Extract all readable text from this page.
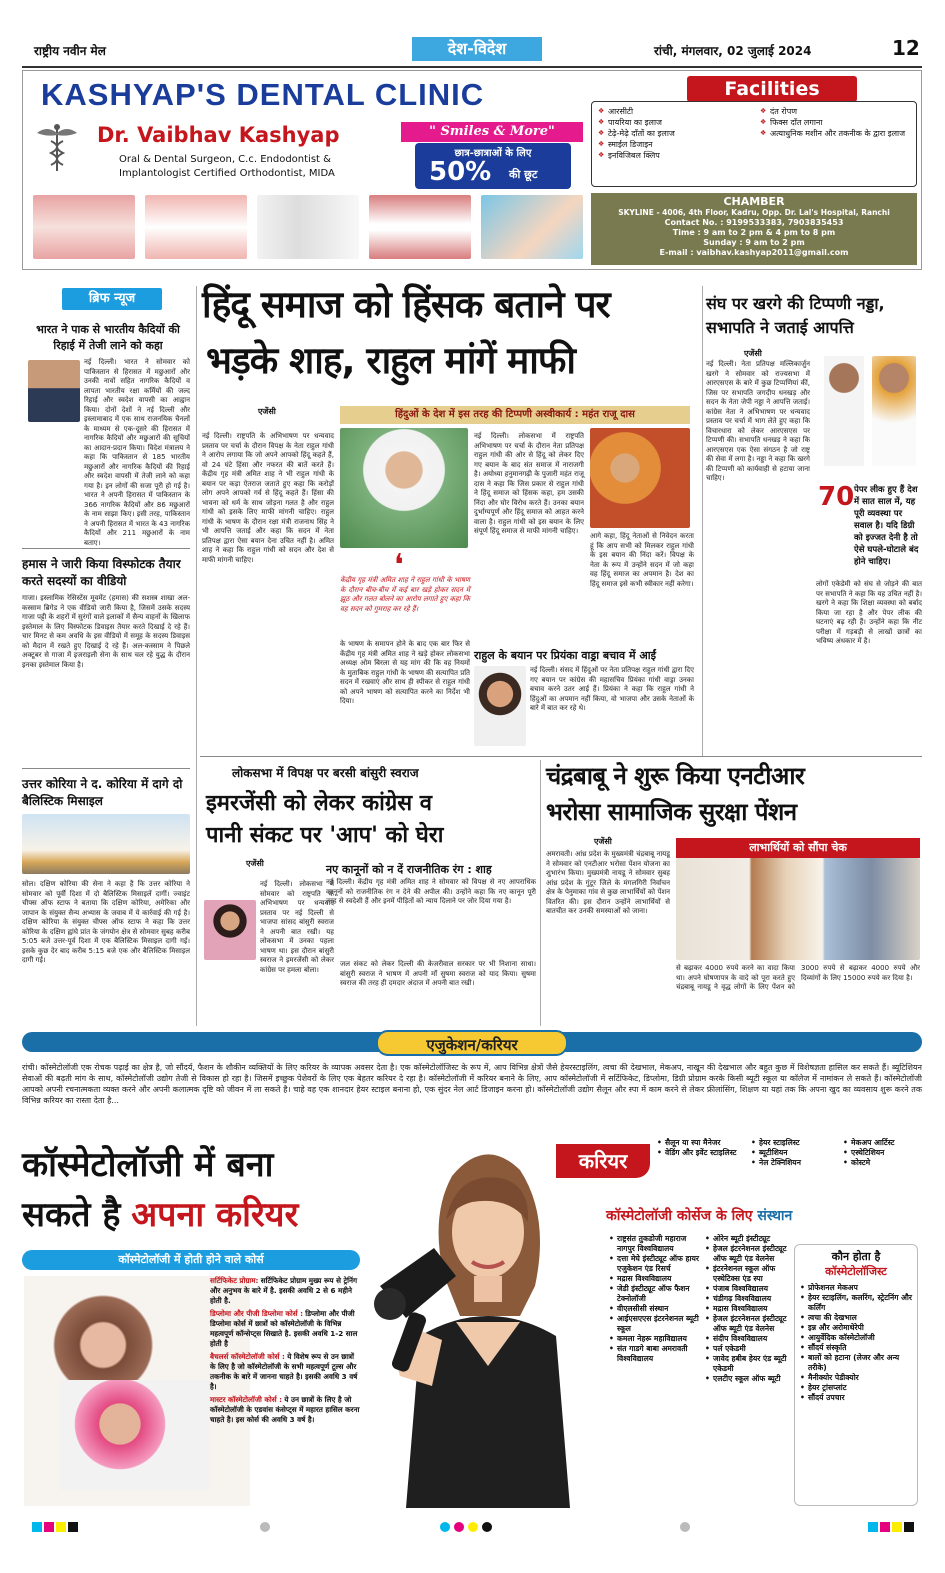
राष्ट्रीय नवीन मेल	देश-विदेश	रांची, मंगलवार, 02 जुलाई 2024	12
KASHYAP'S DENTAL CLINIC
Dr. Vaibhav Kashyap	" Smiles & More"
Oral & Dental Surgeon, C.c. Endodontist &
Implantologist Certified Orthodontist, MIDA
छात्र-छात्राओं के लिए
50% की छूट
Facilities
❖ आरसीटी
❖ पायरिया का इलाज
❖ टेढ़े-मेढ़े दाँतों का इलाज
❖ स्माईल डिजाइन
❖ इनविजिबल क्लिप
❖ दंत रोपण
❖ फिक्स दाँत लगाना
❖ अत्याधुनिक मशीन और तकनीक के द्वारा इलाज
CHAMBER
SKYLINE - 4006, 4th Floor, Kadru, Opp. Dr. Lal's Hospital, Ranchi
Contact No. : 9199533383, 7903835453
Time : 9 am to 2 pm & 4 pm to 8 pm
Sunday : 9 am to 2 pm
E-mail : vaibhav.kashyap2011@gmail.com
ब्रिफ न्यूज
भारत ने पाक से भारतीय कैदियों की रिहाई में तेजी लाने को कहा
नई दिल्ली। भारत ने सोमवार को पाकिस्तान से हिरासत में मछुआरों और उनकी नावों सहित नागरिक कैदियों व लापता भारतीय रक्षा कर्मियों की जल्द रिहाई और स्वदेश वापसी का आह्वान किया। दोनों देशों ने नई दिल्ली और इस्लामाबाद में एक साथ राजनयिक चैनलों के माध्यम से एक-दूसरे की हिरासत में नागरिक कैदियों और मछुआरों की सूचियों का आदान-प्रदान किया। विदेश मंत्रालय ने कहा कि पाकिस्तान से 185 भारतीय मछुआरों और नागरिक कैदियों की रिहाई और स्वदेश वापसी में तेजी लाने को कहा गया है। इन लोगों की सजा पूरी हो गई है। भारत ने अपनी हिरासत में पाकिस्तान के 366 नागरिक कैदियों और 86 मछुआरों के नाम साझा किए। इसी तरह, पाकिस्तान ने अपनी हिरासत में भारत के 43 नागरिक कैदियों और 211 मछुआरों के नाम बताए।
हमास ने जारी किया विस्फोटक तैयार करते सदस्यों का वीडियो
गाजा। इस्लामिक रेसिस्टेंस मूवमेंट (हमास) की सशस्त्र शाखा अल-कस्साम ब्रिगेड ने एक वीडियो जारी किया है, जिसमें उसके सदस्य गाजा पट्टी के शहरों में सुरंगों वाले इलाकों में सैन्य वाहनों के खिलाफ इस्तेमाल के लिए विस्फोटक डिवाइस तैयार करते दिखाई दे रहे हैं। चार मिनट से कम अवधि के इस वीडियो में समूह के सदस्य डिवाइस को मैदान में रखते हुए दिखाई दे रहे हैं। अल-कस्साम ने पिछले अक्टूबर से गाजा में इजराइली सेना के साथ चल रहे युद्ध के दौरान इनका इस्तेमाल किया है।
उत्तर कोरिया ने द. कोरिया में दागे दो बैलिस्टिक मिसाइल
सोल। दक्षिण कोरिया की सेना ने कहा है कि उत्तर कोरिया ने सोमवार को पूर्वी दिशा में दो बैलिस्टिक मिसाइलें दागीं। ज्वाइंट चीफ्स ऑफ स्टाफ ने बताया कि दक्षिण कोरिया, अमेरिका और जापान के संयुक्त सैन्य अभ्यास के जवाब में ये कार्रवाई की गई है। दक्षिण कोरिया के संयुक्त चीफ्स ऑफ स्टाफ ने कहा कि उत्तर कोरिया के दक्षिण ह्वांघे प्रांत के जंगयोन क्षेत्र से सोमवार सुबह करीब 5:05 बजे उत्तर-पूर्व दिशा में एक बैलिस्टिक मिसाइल दागी गई। इसके कुछ देर बाद करीब 5:15 बजे एक और बैलिस्टिक मिसाइल दागी गई।
हिंदू समाज को हिंसक बताने पर
भड़के शाह, राहुल मांगें माफी
एजेंसी	हिंदुओं के देश में इस तरह की टिप्पणी अस्वीकार्य : महंत राजू दास
नई दिल्ली। राष्ट्रपति के अभिभाषण पर धन्यवाद प्रस्ताव पर चर्चा के दौरान विपक्ष के नेता राहुल गांधी ने आरोप लगाया कि जो अपने आपको हिंदू कहते हैं, वो 24 घंटे हिंसा और नफरत की बातें करते हैं। केंद्रीय गृह मंत्री अमित शाह ने भी राहुल गांधी के बयान पर कड़ा ऐतराज जताते हुए कहा कि करोड़ों लोग अपने आपको गर्व से हिंदू कहते हैं। हिंसा की भावना को धर्म के साथ जोड़ना गलत है और राहुल गांधी को इसके लिए माफी मांगनी चाहिए। राहुल गांधी के भाषण के दौरान रक्षा मंत्री राजनाथ सिंह ने भी आपत्ति जताई और कहा कि सदन में नेता प्रतिपक्ष द्वारा ऐसा बयान देना उचित नहीं है। अमित शाह ने कहा कि राहुल गांधी को सदन और देश से माफी मांगनी चाहिए।	❛
केंद्रीय गृह मंत्री अमित शाह ने राहुल गांधी के भाषण के दौरान बीच-बीच में कई बार खड़े होकर सदन में झूठ और गलत बोलने का आरोप लगाते हुए कहा कि वह सदन को गुमराह कर रहे हैं।
नई दिल्ली। लोकसभा में राष्ट्रपति अभिभाषण पर चर्चा के दौरान नेता प्रतिपक्ष राहुल गांधी की ओर से हिंदू को लेकर दिए गए बयान के बाद संत समाज में नाराजगी है। अयोध्या हनुमानगढ़ी के पुजारी महंत राजू दास ने कहा कि जिस प्रकार से राहुल गांधी ने हिंदू समाज को हिंसक कहा, हम उसकी निंदा और घोर विरोध करते हैं। उनका बयान दुर्भाग्यपूर्ण और हिंदू समाज को आहत करने वाला है। राहुल गांधी को इस बयान के लिए संपूर्ण हिंदू समाज से माफी मांगनी चाहिए।
आगे कहा, हिंदू नेताओं से निवेदन करता हूं कि आप सभी को मिलकर राहुल गांधी के इस बयान की निंदा करें। विपक्ष के नेता के रूप में उन्होंने सदन में जो कहा वह हिंदू समाज का अपमान है। देश का हिंदू समाज इसे कभी स्वीकार नहीं करेगा।
के भाषण के समापन होने के बाद एक बार फिर से केंद्रीय गृह मंत्री अमित शाह ने खड़े होकर लोकसभा अध्यक्ष ओम बिरला से यह मांग की कि वह नियमों के मुताबिक राहुल गांधी के भाषण की सत्यापित प्रति सदन में रखवाएं और साथ ही स्पीकर से राहुल गांधी को अपने भाषण को सत्यापित करने का निर्देश भी दिया।
राहुल के बयान पर प्रियंका वाड्रा बचाव में आईं
नई दिल्ली। संसद में हिंदुओं पर नेता प्रतिपक्ष राहुल गांधी द्वारा दिए गए बयान पर कांग्रेस की महासचिव प्रियंका गांधी वाड्रा उनका बचाव करने उतर आई हैं। प्रियंका ने कहा कि राहुल गांधी ने हिंदुओं का अपमान नहीं किया, वो भाजपा और उसके नेताओं के बारे में बात कर रहे थे।
संघ पर खरगे की टिप्पणी नड्डा, सभापति ने जताई आपत्ति
एजेंसी
नई दिल्ली। नेता प्रतिपक्ष मल्लिकार्जुन खरगे ने सोमवार को राज्यसभा में आरएसएस के बारे में कुछ टिप्पणियां कीं, जिस पर सभापति जगदीप धनखड़ और सदन के नेता जेपी नड्डा ने आपत्ति जताई। कांग्रेस नेता ने अभिभाषण पर धन्यवाद प्रस्ताव पर चर्चा में भाग लेते हुए कहा कि विचारधारा को लेकर आरएसएस पर टिप्पणी की। सभापति धनखड़ ने कहा कि आरएसएस एक ऐसा संगठन है जो राष्ट्र की सेवा में लगा है। नड्डा ने कहा कि खरगे की टिप्पणी को कार्यवाही से हटाया जाना चाहिए।
70 पेपर लीक हुए हैं देश में सात साल में, यह पूरी व्यवस्था पर सवाल है। यदि डिग्री को इज्जत देनी है तो ऐसे घपले-घोटाले बंद होने चाहिए।
लोगों एकेडेमी को संघ से जोड़ने की बात पर सभापति ने कहा कि यह उचित नहीं है। खरगे ने कहा कि शिक्षा व्यवस्था को बर्बाद किया जा रहा है और पेपर लीक की घटनाएं बढ़ रही हैं। उन्होंने कहा कि नीट परीक्षा में गड़बड़ी से लाखों छात्रों का भविष्य अंधकार में है।
लोकसभा में विपक्ष पर बरसी बांसुरी स्वराज
इमरजेंसी को लेकर कांग्रेस व
पानी संकट पर 'आप' को घेरा
एजेंसी
नई दिल्ली। लोकसभा में सोमवार को राष्ट्रपति के अभिभाषण पर धन्यवाद प्रस्ताव पर नई दिल्ली से भाजपा सांसद बांसुरी स्वराज ने अपनी बात रखी। यह लोकसभा में उनका पहला भाषण था। इस दौरान बांसुरी स्वराज ने इमरजेंसी को लेकर कांग्रेस पर हमला बोला।
नए कानूनों को न दें राजनीतिक रंग : शाह
नई दिल्ली। केंद्रीय गृह मंत्री अमित शाह ने सोमवार को विपक्ष से नए आपराधिक कानूनों को राजनीतिक रंग न देने की अपील की। उन्होंने कहा कि नए कानून पूरी तरह से स्वदेशी हैं और इनमें पीड़ितों को न्याय दिलाने पर जोर दिया गया है।
जल संकट को लेकर दिल्ली की केजरीवाल सरकार पर भी निशाना साधा। बांसुरी स्वराज ने भाषण में अपनी माँ सुषमा स्वराज को याद किया। सुषमा स्वराज की तरह ही दमदार अंदाज में अपनी बात रखी।
चंद्रबाबू ने शुरू किया एनटीआर
भरोसा सामाजिक सुरक्षा पेंशन
एजेंसी
अमरावती। आंध्र प्रदेश के मुख्यमंत्री चंद्रबाबू नायडू ने सोमवार को एनटीआर भरोसा पेंशन योजना का शुभारंभ किया। मुख्यमंत्री नायडू ने सोमवार सुबह आंध्र प्रदेश के गुंटूर जिले के मंगलगिरी निर्वाचन क्षेत्र के पेनुमाका गांव से कुछ लाभार्थियों को पेंशन वितरित की। इस दौरान उन्होंने लाभार्थियों से बातचीत कर उनकी समस्याओं को जाना।
लाभार्थियों को सौंपा चेक
से बढ़ाकर 4000 रुपये करने का वादा किया था। अपने घोषणापत्र के वादे को पूरा करते हुए चंद्रबाबू नायडू ने वृद्ध लोगों के लिए पेंशन को 3000 रुपये से बढ़ाकर 4000 रुपये और दिव्यांगों के लिए 15000 रुपये कर दिया है।
एजुकेशन/करियर
रांची। कॉस्मेटोलॉजी एक रोचक पढ़ाई का क्षेत्र है, जो सौंदर्य, फैशन के शौकीन व्यक्तियों के लिए करियर के व्यापक अवसर देता है। एक कॉस्मेटोलॉजिस्ट के रूप में, आप विभिन्न क्षेत्रों जैसे हेयरस्टाइलिंग, त्वचा की देखभाल, मेकअप, नाखून की देखभाल और बहुत कुछ में विशेषज्ञता हासिल कर सकते हैं। ब्यूटिशियन सेवाओं की बढ़ती मांग के साथ, कॉस्मेटोलॉजी उद्योग तेजी से विकास हो रहा है। जिसमें इच्छुक पेशेवरों के लिए एक बेहतर करियर दे रहा है। कॉस्मेटोलॉजी में करियर बनाने के लिए, आप कॉस्मेटोलॉजी में सर्टिफिकेट, डिप्लोमा, डिग्री प्रोग्राम करके किसी ब्यूटी स्कूल या कॉलेज में नामांकन ले सकते हैं। कॉस्मेटोलॉजी आपको अपनी रचनात्मकता व्यक्त करने और अपनी कलात्मक दृष्टि को जीवन में ला सकते है। चाहे वह एक शानदार हेयर स्टाइल बनाना हो, एक सुंदर नेल आर्ट डिजाइन करना हो। कॉस्मेटोलॉजी उद्योग सैलून और स्पा में काम करने से लेकर फ्रीलांसिंग, शिक्षण या यहां तक कि अपना खुद का व्यवसाय शुरू करने तक विभिन्न करियर का रास्ता देता है...
कॉस्मेटोलॉजी में बना
सकते है अपना करियर
कॉस्मेटोलॉजी में होती होने वाले कोर्स
सर्टिफिकेट प्रोग्राम: सर्टिफिकेट प्रोग्राम मुख्य रूप से ट्रेनिंग और अनुभव के बारे में है. इसकी अवधि 2 से 6 महीने होती है.
डिप्लोमा और पीजी डिप्लोमा कोर्स : डिप्लोमा और पीजी डिप्लोमा कोर्स में छात्रों को कॉस्मेटोलॉजी के विभिन्न महत्वपूर्ण कॉन्सेप्ट्स सिखाते है. इसकी अवधि 1-2 साल होती है
बैचलर्स कॉस्मेटोलॉजी कोर्स : ये विशेष रूप से उन छात्रों के लिए है जो कॉस्मेटोलॉजी के सभी महत्वपूर्ण टूल्स और तकनीक के बारे में जानना चाहते है। इसकी अवधि 3 वर्ष है।
मास्टर कॉस्मेटोलॉजी कोर्स : ये उन छात्रों के लिए है जो कॉस्मेटोलॉजी के एडवांस कंसेप्ट्स में महारत हासिल करना चाहते है। इस कोर्स की अवधि 3 वर्ष है।
करियर
• सैलून या स्पा मैनेजर
• वेडिंग और इवेंट स्टाइलिस्ट
• हेयर स्टाइलिस्ट
• ब्यूटीशियन
• नेल टेक्निशियन
• मेकअप आर्टिस्ट
• एस्थेटिशियन
• कोस्टमे
कॉस्मेटोलॉजी कोर्सेज के लिए संस्थान
• राष्ट्रसंत तुकडोजी महाराज नागपुर विश्वविद्यालय
• दत्ता मेघे इंस्टीट्यूट ऑफ हायर एजुकेशन एंड रिसर्च
• मद्रास विश्वविद्यालय
• जेडी इंस्टीट्यूट ऑफ फैशन टेक्नोलॉजी
• वीएलसीसी संस्थान
• आईएसएएस इंटरनेशनल ब्यूटी स्कूल
• कमला नेहरू महाविद्यालय
• संत गाडगे बाबा अमरावती विश्वविद्यालय
• ओरेन ब्यूटी इंस्टीट्यूट
• हेजल इंटरनेशनल इंस्टीट्यूट ऑफ ब्यूटी एंड वेलनेस
• इंटरनेशनल स्कूल ऑफ एस्थेटिक्स एंड स्पा
• पंजाब विश्वविद्यालय
• चंडीगढ़ विश्वविद्यालय
• मद्रास विश्वविद्यालय
• हेजल इंटरनेशनल इंस्टीट्यूट ऑफ ब्यूटी एंड वेलनेस
• संदीप विश्वविद्यालय
• पर्ल एकेडमी
• जावेद हबीब हेयर एंड ब्यूटी एकेडमी
• एलटीए स्कूल ऑफ ब्यूटी
कौन होता है
कॉस्मेटोलॉजिस्ट
• प्रोफेशनल मेकअप
• हेयर स्टाइलिंग, कलरिंग, स्ट्रेटनिंग और कर्लिंग
• त्वचा की देखभाल
• इन्न और अरोमाथेरेपी
• आयुर्वेदिक कॉस्मेटोलॉजी
• सौंदर्य संस्कृति
• बालों को हटाना (लेजर और अन्य तरीके)
• मैनीक्योर पेडीक्योर
• हेयर ट्रांसप्लांट
• सौंदर्य उपचार
